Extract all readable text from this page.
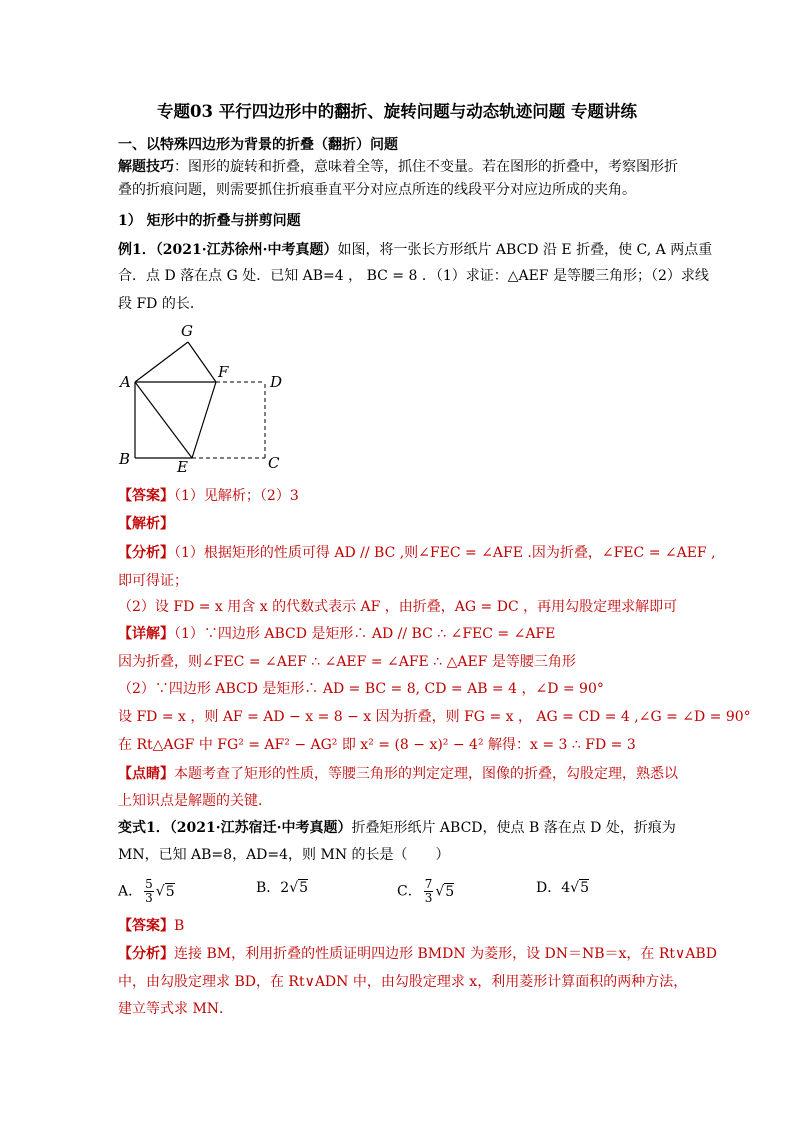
专题03 平行四边形中的翻折、旋转问题与动态轨迹问题 专题讲练
一、以特殊四边形为背景的折叠（翻折）问题
解题技巧：图形的旋转和折叠，意味着全等，抓住不变量。若在图形的折叠中，考察图形折
叠的折痕问题，则需要抓住折痕垂直平分对应点所连的线段平分对应边所成的夹角。
1） 矩形中的折叠与拼剪问题
例1．（2021·江苏徐州·中考真题）如图，将一张长方形纸片 ABCD 沿 E 折叠，使 C, A 两点重
合．点 D 落在点 G 处．已知 AB=4 ， BC = 8 ．（1）求证：△AEF 是等腰三角形；（2）求线
段 FD 的长．
G
A
F
D
B	E	C
【答案】（1）见解析；（2）3
【解析】
【分析】（1）根据矩形的性质可得 AD // BC ,则∠FEC = ∠AFE .因为折叠，∠FEC = ∠AEF ,
即可得证；
（2）设 FD = x 用含 x 的代数式表示 AF ，由折叠，AG = DC ，再用勾股定理求解即可
【详解】（1）∵四边形 ABCD 是矩形∴ AD // BC ∴ ∠FEC = ∠AFE
因为折叠，则∠FEC = ∠AEF ∴ ∠AEF = ∠AFE ∴ △AEF 是等腰三角形
（2）∵四边形 ABCD 是矩形∴ AD = BC = 8, CD = AB = 4 ，∠D = 90°
设 FD = x ，则 AF = AD − x = 8 − x 因为折叠，则 FG = x ， AG = CD = 4 ,∠G = ∠D = 90°
在 Rt△AGF 中 FG² = AF² − AG² 即 x² = (8 − x)² − 4² 解得：x = 3 ∴ FD = 3
【点睛】本题考查了矩形的性质，等腰三角形的判定定理，图像的折叠，勾股定理，熟悉以
上知识点是解题的关键．
变式1．（2021·江苏宿迁·中考真题）折叠矩形纸片 ABCD，使点 B 落在点 D 处，折痕为
MN，已知 AB=8，AD=4，则 MN 的长是（　　）
A． $\frac{5}{3} √5$	B．2√5	C． $\frac{7}{3} √5$	D．4√5
【答案】B
【分析】连接 BM，利用折叠的性质证明四边形 BMDN 为菱形，设 DN＝NB＝x，在 Rt∨ABD
中，由勾股定理求 BD，在 Rt∨ADN 中，由勾股定理求 x，利用菱形计算面积的两种方法，
建立等式求 MN．
